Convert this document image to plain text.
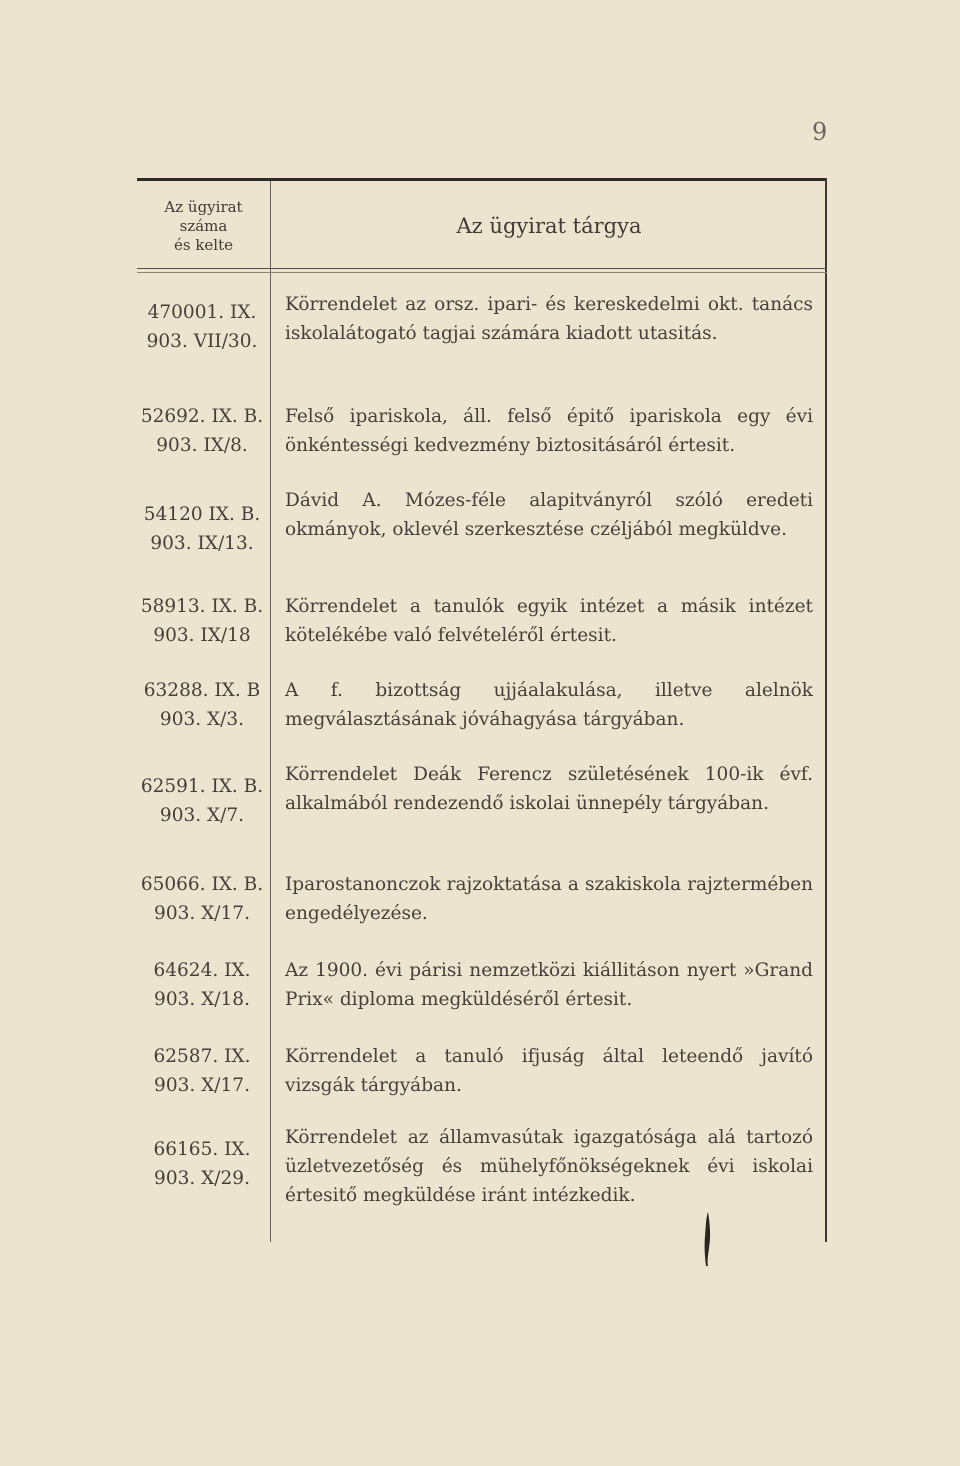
9
Az ügyirat
száma
és kelte
Az ügyirat tárgya
470001. IX.
903. VII/30.
Körrendelet az orsz. ipari- és kereskedelmi okt. tanács iskolalátogató tagjai számára kiadott utasitás.
52692. IX. B.
903. IX/8.
Felső ipariskola, áll. felső épitő ipariskola egy évi önkéntességi kedvezmény biztositásáról értesit.
54120 IX. B.
903. IX/13.
Dávid A. Mózes-féle alapitványról szóló eredeti okmányok, oklevél szerkesztése czéljából megküldve.
58913. IX. B.
903. IX/18
Körrendelet a tanulók egyik intézet a másik intézet kötelékébe való felvételéről értesit.
63288. IX. B
903. X/3.
A f. bizottság ujjáalakulása, illetve alelnök megválasztásának jóváhagyása tárgyában.
62591. IX. B.
903. X/7.
Körrendelet Deák Ferencz születésének 100-ik évf. alkalmából rendezendő iskolai ünnepély tárgyában.
65066. IX. B.
903. X/17.
Iparostanonczok rajzoktatása a szakiskola rajztermében engedélyezése.
64624. IX.
903. X/18.
Az 1900. évi párisi nemzetközi kiállitáson nyert »Grand Prix« diploma megküldéséről értesit.
62587. IX.
903. X/17.
Körrendelet a tanuló ifjuság által leteendő javító vizsgák tárgyában.
66165. IX.
903. X/29.
Körrendelet az államvasútak igazgatósága alá tartozó üzletvezetőség és mühelyfőnökségeknek évi iskolai értesitő megküldése iránt intézkedik.
